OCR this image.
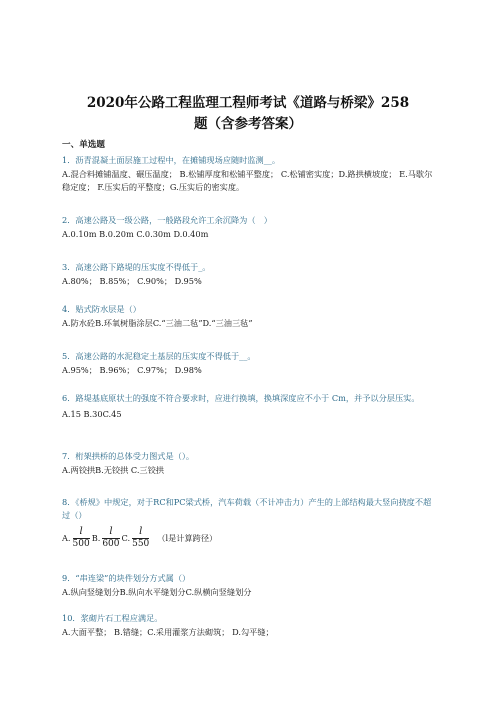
2020年公路工程监理工程师考试《道路与桥梁》258
题（含参考答案）
一、单选题
1．沥青混凝土面层施工过程中，在摊铺现场应随时监测__。
A.混合料摊铺温度、碾压温度； B.松铺厚度和松铺平整度； C.松铺密实度；D.路拱横坡度； E.马歇尔稳定度； F.压实后的平整度；G.压实后的密实度。
2．高速公路及一级公路，一般路段允许工余沉降为（　）
A.0.10m B.0.20m C.0.30m D.0.40m
3．高速公路下路堤的压实度不得低于_。
A.80%； B.85%； C.90%； D.95%
4．贴式防水层是（）
A.防水砼B.环氧树脂涂层C.“三油二毡”D.“三油三毡”
5．高速公路的水泥稳定土基层的压实度不得低于__。
A.95%； B.96%； C.97%； D.98%
6．路堤基底原状土的强度不符合要求时，应进行换填，换填深度应不小于 Cm，并予以分层压实。
A.15 B.30C.45
7．桁架拱桥的总体受力图式是（）。
A.两铰拱B.无铰拱 C.三铰拱
8．《桥规》中规定，对于RC和PC梁式桥，汽车荷载（不计冲击力）产生的上部结构最大竖向挠度不超过（）
A. $\frac{l}{500} B$. $\frac{l}{600} C$. $\frac{l}{550} (l$是计算跨径）
9．“串连梁”的块件划分方式属（）
A.纵向竖缝划分B.纵向水平缝划分C.纵横向竖缝划分
10．浆砌片石工程应满足。
A.大面平整； B.错缝；C.采用灌浆方法砌筑； D.勾平缝；
